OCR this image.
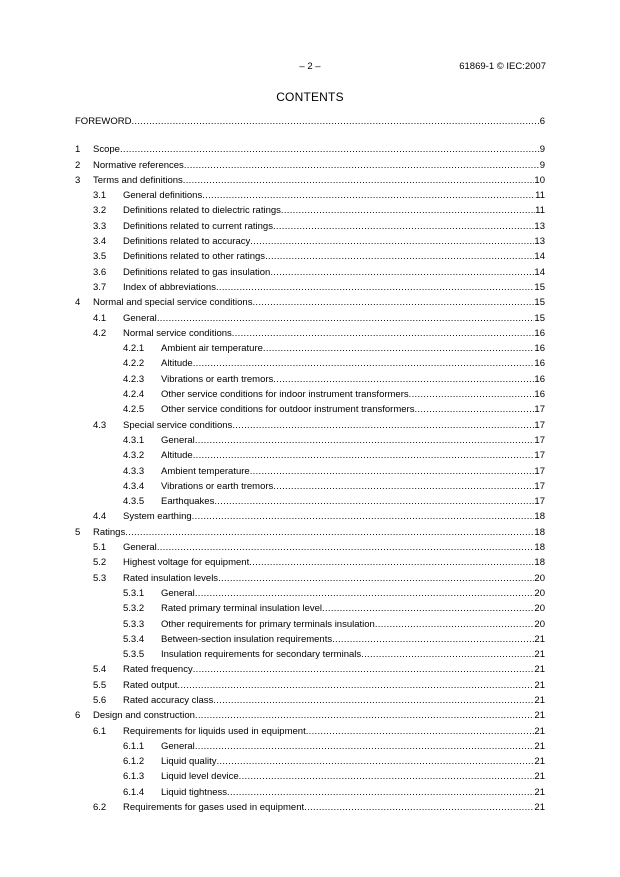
– 2 –	61869-1 © IEC:2007
CONTENTS
FOREWORD .....	6
1 Scope .....	9
2 Normative references .....	9
3 Terms and definitions .....	10
3.1 General definitions .....	11
3.2 Definitions related to dielectric ratings .....	11
3.3 Definitions related to current ratings .....	13
3.4 Definitions related to accuracy .....	13
3.5 Definitions related to other ratings .....	14
3.6 Definitions related to gas insulation .....	14
3.7 Index of abbreviations .....	15
4 Normal and special service conditions .....	15
4.1 General .....	15
4.2 Normal service conditions .....	16
4.2.1 Ambient air temperature .....	16
4.2.2 Altitude .....	16
4.2.3 Vibrations or earth tremors .....	16
4.2.4 Other service conditions for indoor instrument transformers .....	16
4.2.5 Other service conditions for outdoor instrument transformers .....	17
4.3 Special service conditions .....	17
4.3.1 General .....	17
4.3.2 Altitude .....	17
4.3.3 Ambient temperature .....	17
4.3.4 Vibrations or earth tremors .....	17
4.3.5 Earthquakes .....	17
4.4 System earthing .....	18
5 Ratings .....	18
5.1 General .....	18
5.2 Highest voltage for equipment .....	18
5.3 Rated insulation levels .....	20
5.3.1 General .....	20
5.3.2 Rated primary terminal insulation level .....	20
5.3.3 Other requirements for primary terminals insulation .....	20
5.3.4 Between-section insulation requirements .....	21
5.3.5 Insulation requirements for secondary terminals .....	21
5.4 Rated frequency .....	21
5.5 Rated output .....	21
5.6 Rated accuracy class .....	21
6 Design and construction .....	21
6.1 Requirements for liquids used in equipment .....	21
6.1.1 General .....	21
6.1.2 Liquid quality .....	21
6.1.3 Liquid level device .....	21
6.1.4 Liquid tightness .....	21
6.2 Requirements for gases used in equipment .....	21
